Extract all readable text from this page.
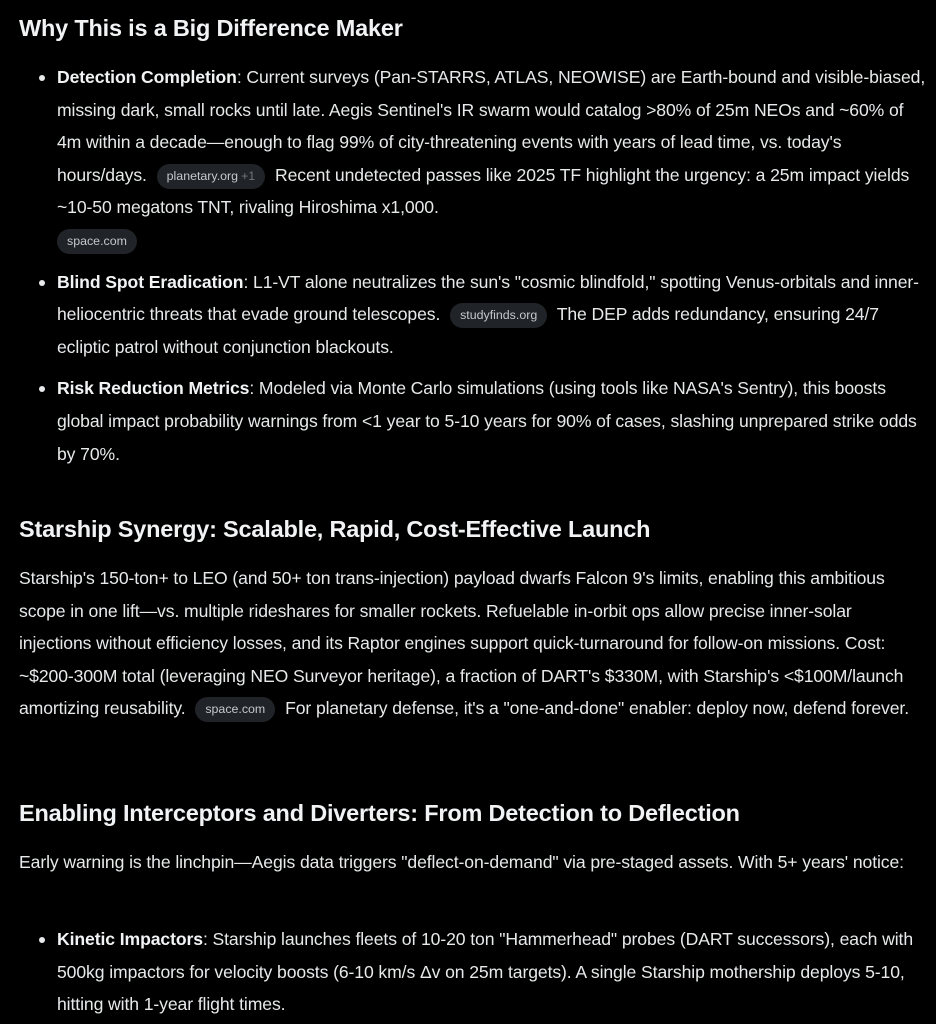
Why This is a Big Difference Maker
Detection Completion: Current surveys (Pan-STARRS, ATLAS, NEOWISE) are Earth-bound and visible-biased, missing dark, small rocks until late. Aegis Sentinel's IR swarm would catalog >80% of 25m NEOs and ~60% of 4m within a decade—enough to flag 99% of city-threatening events with years of lead time, vs. today's hours/days. planetary.org +1 Recent undetected passes like 2025 TF highlight the urgency: a 25m impact yields ~10-50 megatons TNT, rivaling Hiroshima x1,000.
space.com
Blind Spot Eradication: L1-VT alone neutralizes the sun's "cosmic blindfold," spotting Venus-orbitals and inner-heliocentric threats that evade ground telescopes. studyfinds.org The DEP adds redundancy, ensuring 24/7 ecliptic patrol without conjunction blackouts.
Risk Reduction Metrics: Modeled via Monte Carlo simulations (using tools like NASA's Sentry), this boosts global impact probability warnings from <1 year to 5-10 years for 90% of cases, slashing unprepared strike odds by 70%.
Starship Synergy: Scalable, Rapid, Cost-Effective Launch

Starship's 150-ton+ to LEO (and 50+ ton trans-injection) payload dwarfs Falcon 9's limits, enabling this ambitious scope in one lift—vs. multiple rideshares for smaller rockets. Refuelable in-orbit ops allow precise inner-solar injections without efficiency losses, and its Raptor engines support quick-turnaround for follow-on missions. Cost: ~$200-300M total (leveraging NEO Surveyor heritage), a fraction of DART's $330M, with Starship's <$100M/launch amortizing reusability. space.com For planetary defense, it's a "one-and-done" enabler: deploy now, defend forever.

Enabling Interceptors and Diverters: From Detection to Deflection

Early warning is the linchpin—Aegis data triggers "deflect-on-demand" via pre-staged assets. With 5+ years' notice:

Kinetic Impactors: Starship launches fleets of 10-20 ton "Hammerhead" probes (DART successors), each with 500kg impactors for velocity boosts (6-10 km/s Δv on 25m targets). A single Starship mothership deploys 5-10, hitting with 1-year flight times.
